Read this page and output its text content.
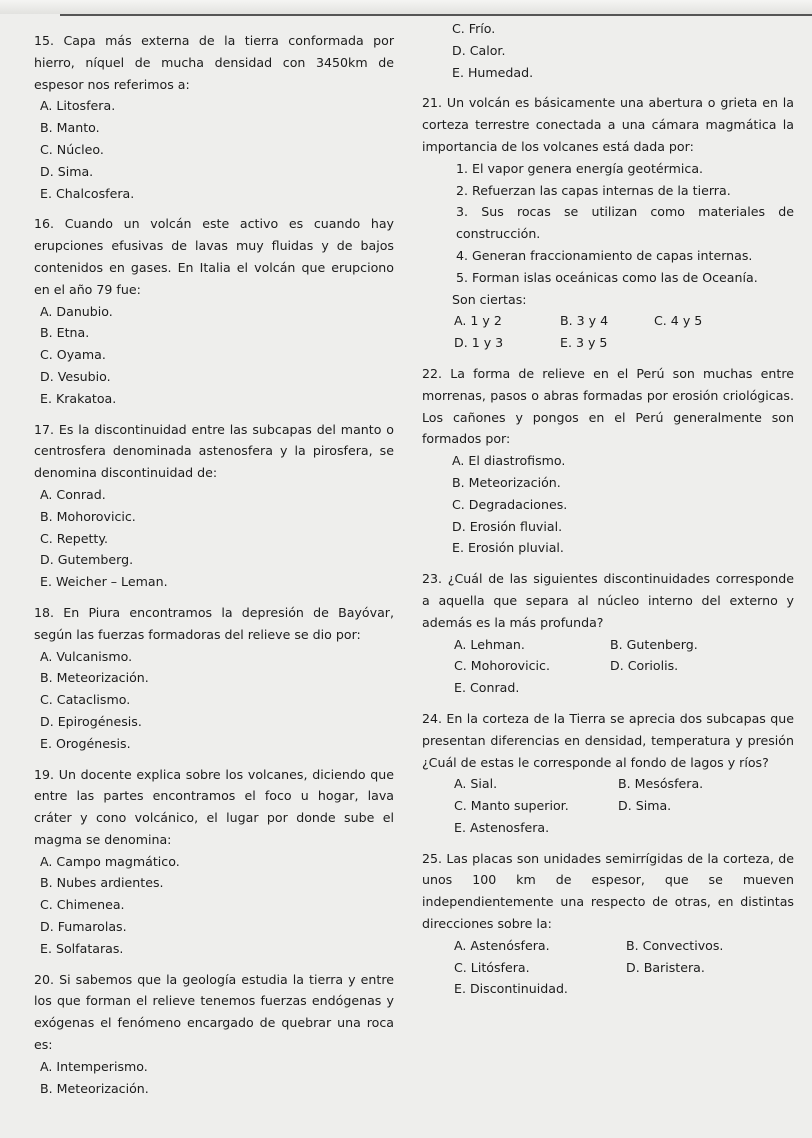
15. Capa más externa de la tierra conformada por hierro, níquel de mucha densidad con 3450km de espesor nos referimos a:

A. Litosfera.

B. Manto.

C. Núcleo.

D. Sima.

E. Chalcosfera.

16. Cuando un volcán este activo es cuando hay erupciones efusivas de lavas muy fluidas y de bajos contenidos en gases. En Italia el volcán que erupciono en el año 79 fue:

A. Danubio.

B. Etna.

C. Oyama.

D. Vesubio.

E. Krakatoa.

17. Es la discontinuidad entre las subcapas del manto o centrosfera denominada astenosfera y la pirosfera, se denomina discontinuidad de:

A. Conrad.

B. Mohorovicic.

C. Repetty.

D. Gutemberg.

E. Weicher – Leman.

18. En Piura encontramos la depresión de Bayóvar, según las fuerzas formadoras del relieve se dio por:

A. Vulcanismo.

B. Meteorización.

C. Cataclismo.

D. Epirogénesis.

E. Orogénesis.

19. Un docente explica sobre los volcanes, diciendo que entre las partes encontramos el foco u hogar, lava cráter y cono volcánico, el lugar por donde sube el magma se denomina:

A. Campo magmático.

B. Nubes ardientes.

C. Chimenea.

D. Fumarolas.

E. Solfataras.

20. Si sabemos que la geología estudia la tierra y entre los que forman el relieve tenemos fuerzas endógenas y exógenas el fenómeno encargado de quebrar una roca es:

A. Intemperismo.

B. Meteorización.

C. Frío.

D. Calor.

E. Humedad.

21. Un volcán es básicamente una abertura o grieta en la corteza terrestre conectada a una cámara magmática la importancia de los volcanes está dada por:

1. El vapor genera energía geotérmica.

2. Refuerzan las capas internas de la tierra.

3. Sus rocas se utilizan como materiales de construcción.

4. Generan fraccionamiento de capas internas.

5. Forman islas oceánicas como las de Oceanía.

Son ciertas:

A. 1 y 2	B. 3 y 4	C. 4 y 5
D. 1 y 3	E. 3 y 5

22. La forma de relieve en el Perú son muchas entre morrenas, pasos o abras formadas por erosión criológicas. Los cañones y pongos en el Perú generalmente son formados por:

A. El diastrofismo.

B. Meteorización.

C. Degradaciones.

D. Erosión fluvial.

E. Erosión pluvial.

23. ¿Cuál de las siguientes discontinuidades corresponde a aquella que separa al núcleo interno del externo y además es la más profunda?

A. Lehman.	B. Gutenberg.
C. Mohorovicic.	D. Coriolis.
E. Conrad.

24. En la corteza de la Tierra se aprecia dos subcapas que presentan diferencias en densidad, temperatura y presión ¿Cuál de estas le corresponde al fondo de lagos y ríos?

A. Sial.	B. Mesósfera.
C. Manto superior.	D. Sima.
E. Astenosfera.

25. Las placas son unidades semirrígidas de la corteza, de unos 100 km de espesor, que se mueven independientemente una respecto de otras, en distintas direcciones sobre la:

A. Astenósfera.	B. Convectivos.
C. Litósfera.	D. Baristera.
E. Discontinuidad.
